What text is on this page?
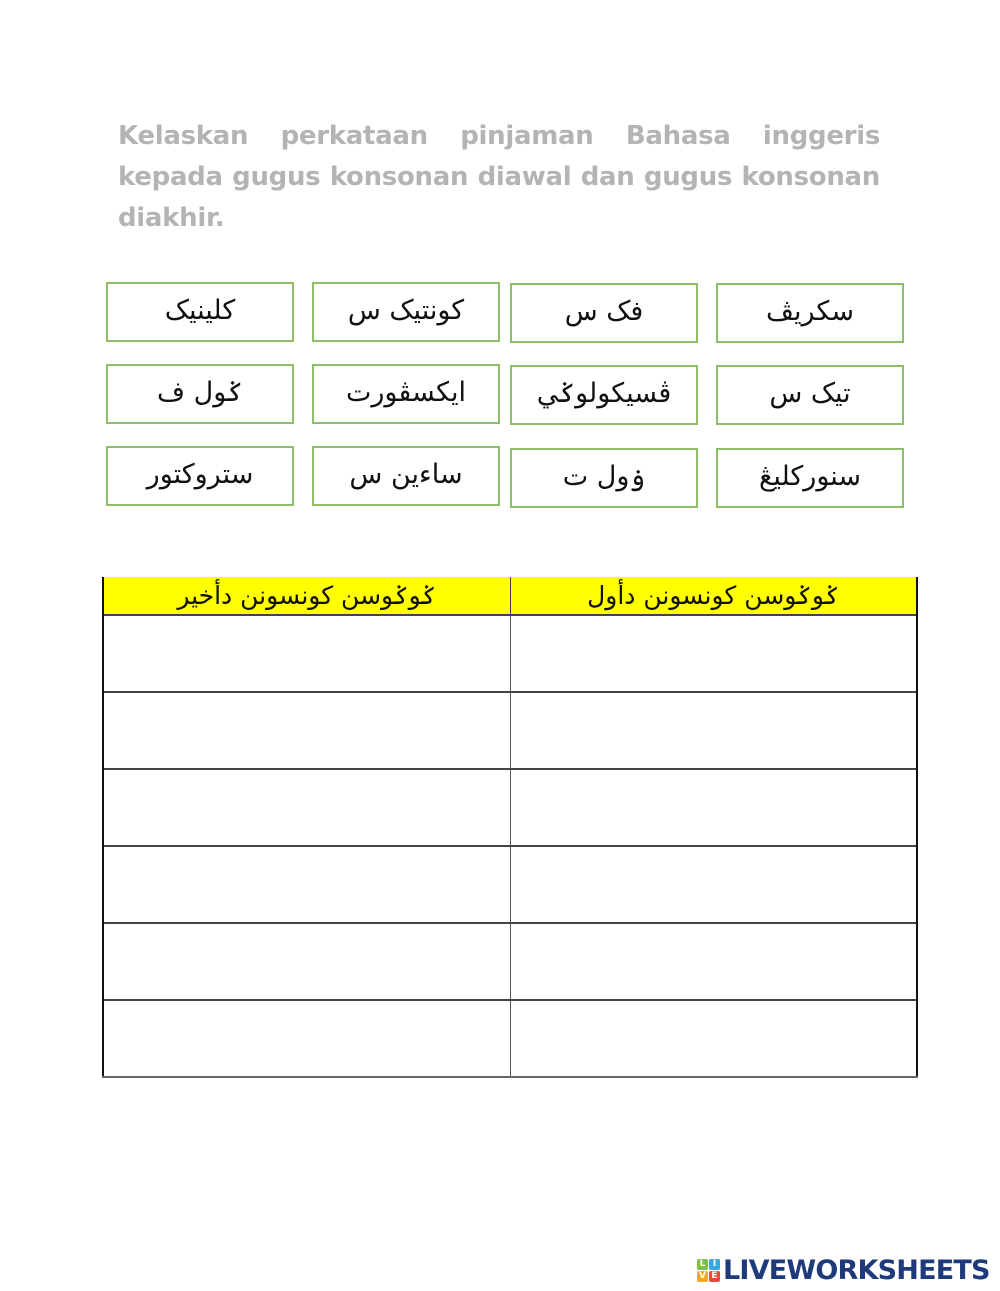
Kelaskan perkataan pinjaman Bahasa inggeris kepada gugus konsonan diawal dan gugus konsonan diakhir.
کلينيک	کونتيک س	فک س	سکريڤ
ݢول ف	ايکسڤورت	ڤسيکولوݢي	تيک س
ستروکتور	ساءين س	ۏول ت	سنورکليڠ
ݢوݢوسن کونسونن دأخير	ݢوݢوسن کونسونن دأول

L I
V E LIVEWORKSHEETS
